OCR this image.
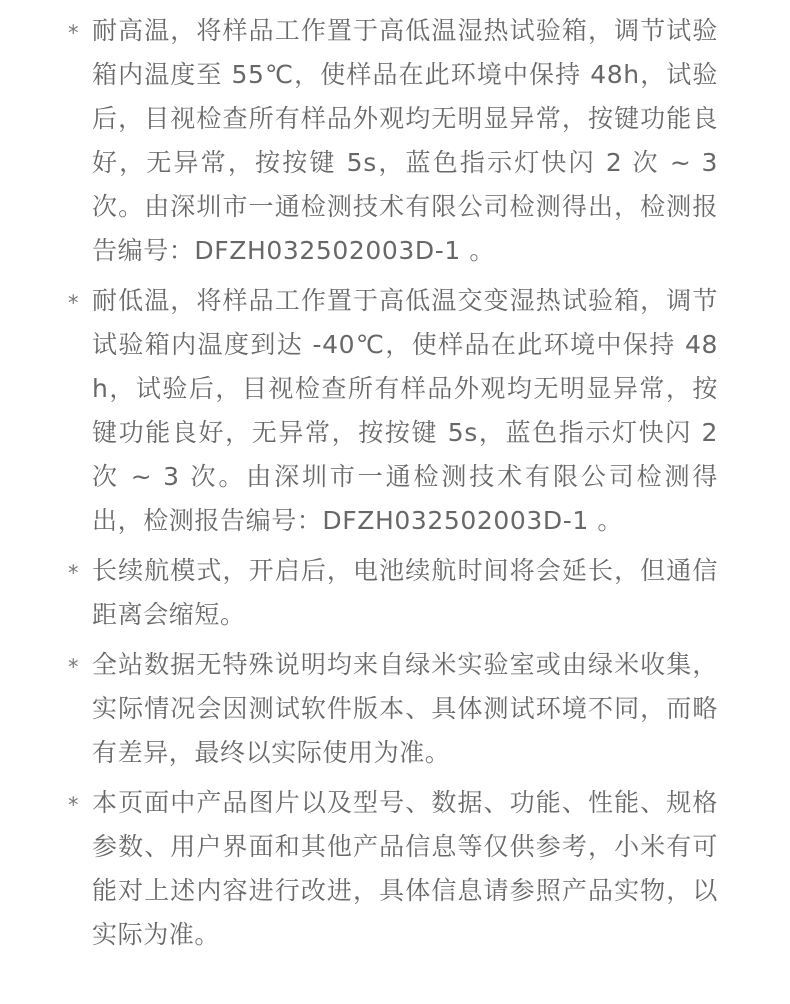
* 耐高温，将样品工作置于高低温湿热试验箱，调节试验箱内温度至 55℃，使样品在此环境中保持 48h，试验后，目视检查所有样品外观均无明显异常，按键功能良好，无异常，按按键 5s，蓝色指示灯快闪 2 次 ~ 3 次。由深圳市一通检测技术有限公司检测得出，检测报告编号：DFZH032502003D-1 。
* 耐低温，将样品工作置于高低温交变湿热试验箱，调节试验箱内温度到达 -40℃，使样品在此环境中保持 48h，试验后，目视检查所有样品外观均无明显异常，按键功能良好，无异常，按按键 5s，蓝色指示灯快闪 2 次 ~ 3 次。由深圳市一通检测技术有限公司检测得出，检测报告编号：DFZH032502003D-1 。
* 长续航模式，开启后，电池续航时间将会延长，但通信距离会缩短。
* 全站数据无特殊说明均来自绿米实验室或由绿米收集，实际情况会因测试软件版本、具体测试环境不同，而略有差异，最终以实际使用为准。
* 本页面中产品图片以及型号、数据、功能、性能、规格参数、用户界面和其他产品信息等仅供参考，小米有可能对上述内容进行改进，具体信息请参照产品实物，以实际为准。
